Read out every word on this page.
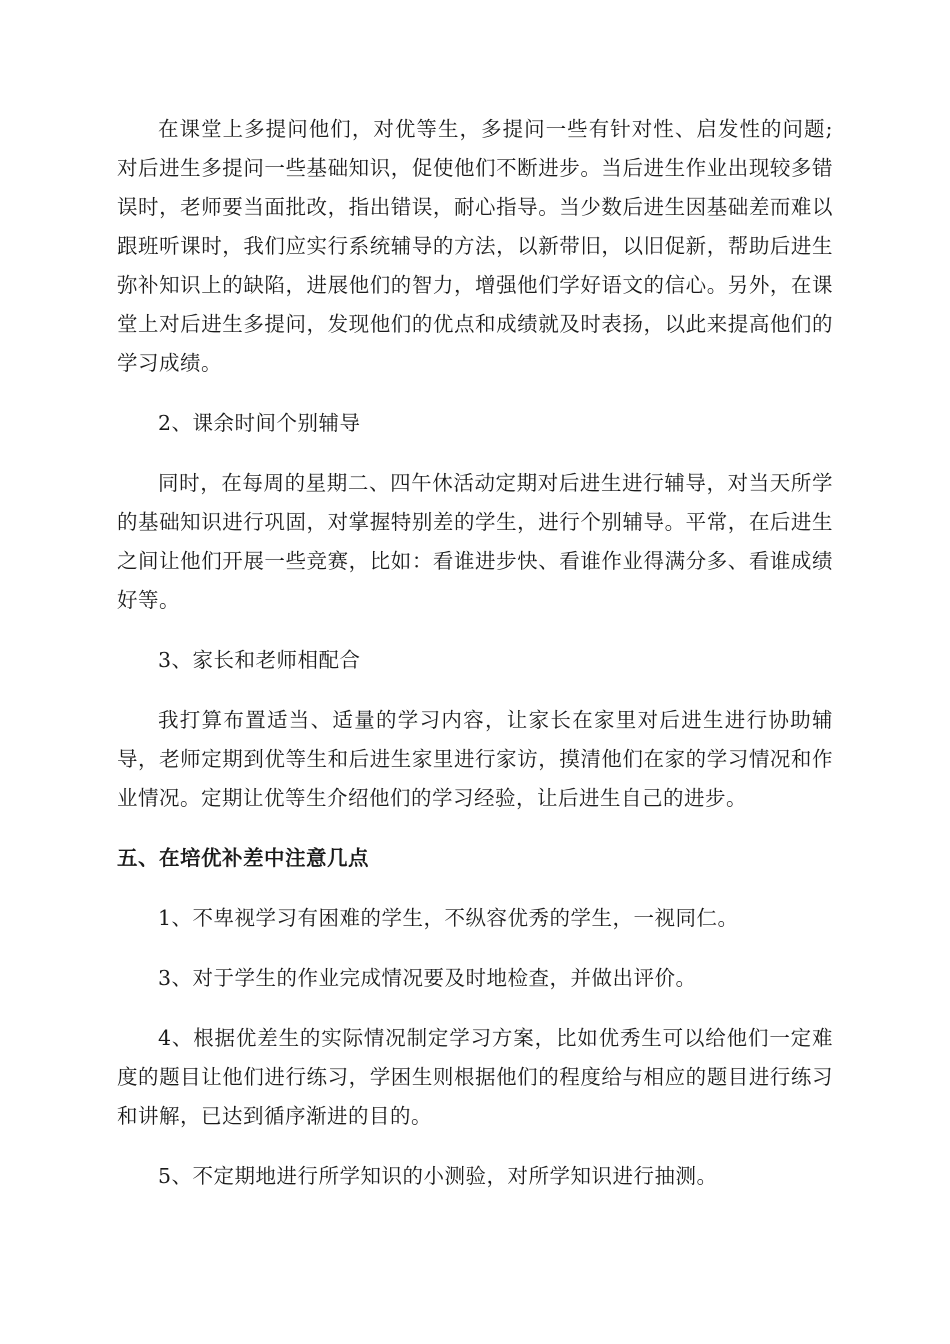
在课堂上多提问他们，对优等生，多提问一些有针对性、启发性的问题;对后进生多提问一些基础知识，促使他们不断进步。当后进生作业出现较多错误时，老师要当面批改，指出错误，耐心指导。当少数后进生因基础差而难以跟班听课时，我们应实行系统辅导的方法，以新带旧，以旧促新，帮助后进生弥补知识上的缺陷，进展他们的智力，增强他们学好语文的信心。另外，在课堂上对后进生多提问，发现他们的优点和成绩就及时表扬，以此来提高他们的学习成绩。

2、课余时间个别辅导

同时，在每周的星期二、四午休活动定期对后进生进行辅导，对当天所学的基础知识进行巩固，对掌握特别差的学生，进行个别辅导。平常，在后进生之间让他们开展一些竞赛，比如：看谁进步快、看谁作业得满分多、看谁成绩好等。

3、家长和老师相配合

我打算布置适当、适量的学习内容，让家长在家里对后进生进行协助辅导，老师定期到优等生和后进生家里进行家访，摸清他们在家的学习情况和作业情况。定期让优等生介绍他们的学习经验，让后进生自己的进步。

五、在培优补差中注意几点

1、不卑视学习有困难的学生，不纵容优秀的学生，一视同仁。

3、对于学生的作业完成情况要及时地检查，并做出评价。

4、根据优差生的实际情况制定学习方案，比如优秀生可以给他们一定难度的题目让他们进行练习，学困生则根据他们的程度给与相应的题目进行练习和讲解，已达到循序渐进的目的。

5、不定期地进行所学知识的小测验，对所学知识进行抽测。
